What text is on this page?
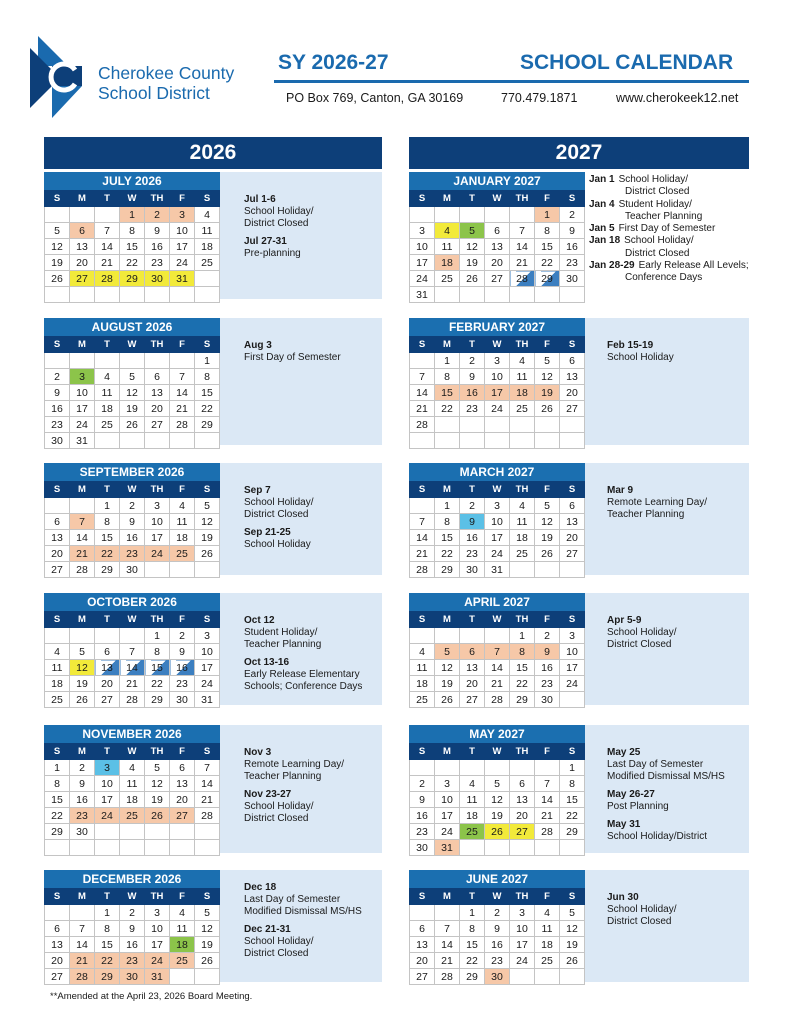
Cherokee County
School District
SY 2026-27	SCHOOL CALENDAR
PO Box 769, Canton, GA 30169	770.479.1871	www.cherokeek12.net
2026	2027
JULY 2026
S	M	T	W	TH	F	S
			1	2	3	4
5	6	7	8	9	10	11
12	13	14	15	16	17	18
19	20	21	22	23	24	25
26	27	28	29	30	31	

AUGUST 2026
S	M	T	W	TH	F	S
						1
2	3	4	5	6	7	8
9	10	11	12	13	14	15
16	17	18	19	20	21	22
23	24	25	26	27	28	29
30	31					
SEPTEMBER 2026
S	M	T	W	TH	F	S
		1	2	3	4	5
6	7	8	9	10	11	12
13	14	15	16	17	18	19
20	21	22	23	24	25	26
27	28	29	30			
OCTOBER 2026
S	M	T	W	TH	F	S
				1	2	3
4	5	6	7	8	9	10
11	12	13	14	15	16	17
18	19	20	21	22	23	24
25	26	27	28	29	30	31
NOVEMBER 2026
S	M	T	W	TH	F	S
1	2	3	4	5	6	7
8	9	10	11	12	13	14
15	16	17	18	19	20	21
22	23	24	25	26	27	28
29	30					

DECEMBER 2026
S	M	T	W	TH	F	S
		1	2	3	4	5
6	7	8	9	10	11	12
13	14	15	16	17	18	19
20	21	22	23	24	25	26
27	28	29	30	31		
JANUARY 2027
S	M	T	W	TH	F	S
					1	2
3	4	5	6	7	8	9
10	11	12	13	14	15	16
17	18	19	20	21	22	23
24	25	26	27	28	29	30
31						
FEBRUARY 2027
S	M	T	W	TH	F	S
	1	2	3	4	5	6
7	8	9	10	11	12	13
14	15	16	17	18	19	20
21	22	23	24	25	26	27
28						

MARCH 2027
S	M	T	W	TH	F	S
	1	2	3	4	5	6
7	8	9	10	11	12	13
14	15	16	17	18	19	20
21	22	23	24	25	26	27
28	29	30	31			
APRIL 2027
S	M	T	W	TH	F	S
				1	2	3
4	5	6	7	8	9	10
11	12	13	14	15	16	17
18	19	20	21	22	23	24
25	26	27	28	29	30	
MAY 2027
S	M	T	W	TH	F	S
						1
2	3	4	5	6	7	8
9	10	11	12	13	14	15
16	17	18	19	20	21	22
23	24	25	26	27	28	29
30	31					
JUNE 2027
S	M	T	W	TH	F	S
		1	2	3	4	5
6	7	8	9	10	11	12
13	14	15	16	17	18	19
20	21	22	23	24	25	26
27	28	29	30			
Jul 1-6
School Holiday/
District Closed
Jul 27-31
Pre-planning
Aug 3
First Day of Semester
Sep 7
School Holiday/
District Closed
Sep 21-25
School Holiday
Oct 12
Student Holiday/
Teacher Planning
Oct 13-16
Early Release Elementary
Schools; Conference Days
Nov 3
Remote Learning Day/
Teacher Planning
Nov 23-27
School Holiday/
District Closed
Dec 18
Last Day of Semester
Modified Dismissal MS/HS
Dec 21-31
School Holiday/
District Closed
Feb 15-19
School Holiday
Mar 9
Remote Learning Day/
Teacher Planning
Apr 5-9
School Holiday/
District Closed
May 25
Last Day of Semester
Modified Dismissal MS/HS
May 26-27
Post Planning
May 31
School Holiday/District
Jun 30
School Holiday/
District Closed
Jan 1 School Holiday/
District Closed
Jan 4 Student Holiday/
Teacher Planning
Jan 5 First Day of Semester
Jan 18 School Holiday/
District Closed
Jan 28-29 Early Release All Levels;
Conference Days
**Amended at the April 23, 2026 Board Meeting.
